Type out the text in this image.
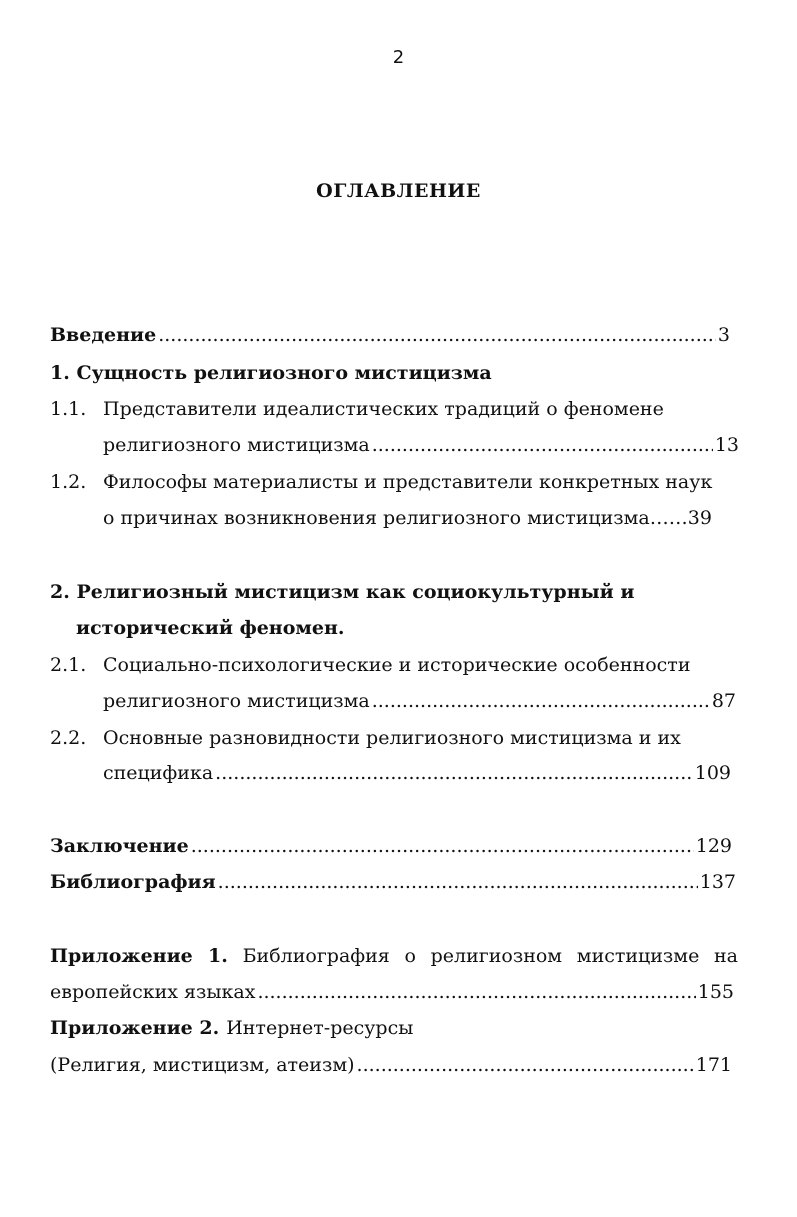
2
ОГЛАВЛЕНИЕ
Введение .....	3
1. Сущность религиозного мистицизма
1.1. Представители идеалистических традиций о феномене
религиозного мистицизма .....	13
1.2. Философы материалисты и представители конкретных наук
о причинах возникновения религиозного мистицизма …… 39
2. Религиозный мистицизм как социокультурный и
исторический феномен.
2.1. Социально-психологические и исторические особенности
религиозного мистицизма .....	87
2.2. Основные разновидности религиозного мистицизма и их
специфика .....	109
Заключение .....	129
Библиография .....	137
Приложение 1. Библиография о религиозном мистицизме на
европейских языках .....	155
Приложение 2. Интернет-ресурсы
(Религия, мистицизм, атеизм) .....	171
